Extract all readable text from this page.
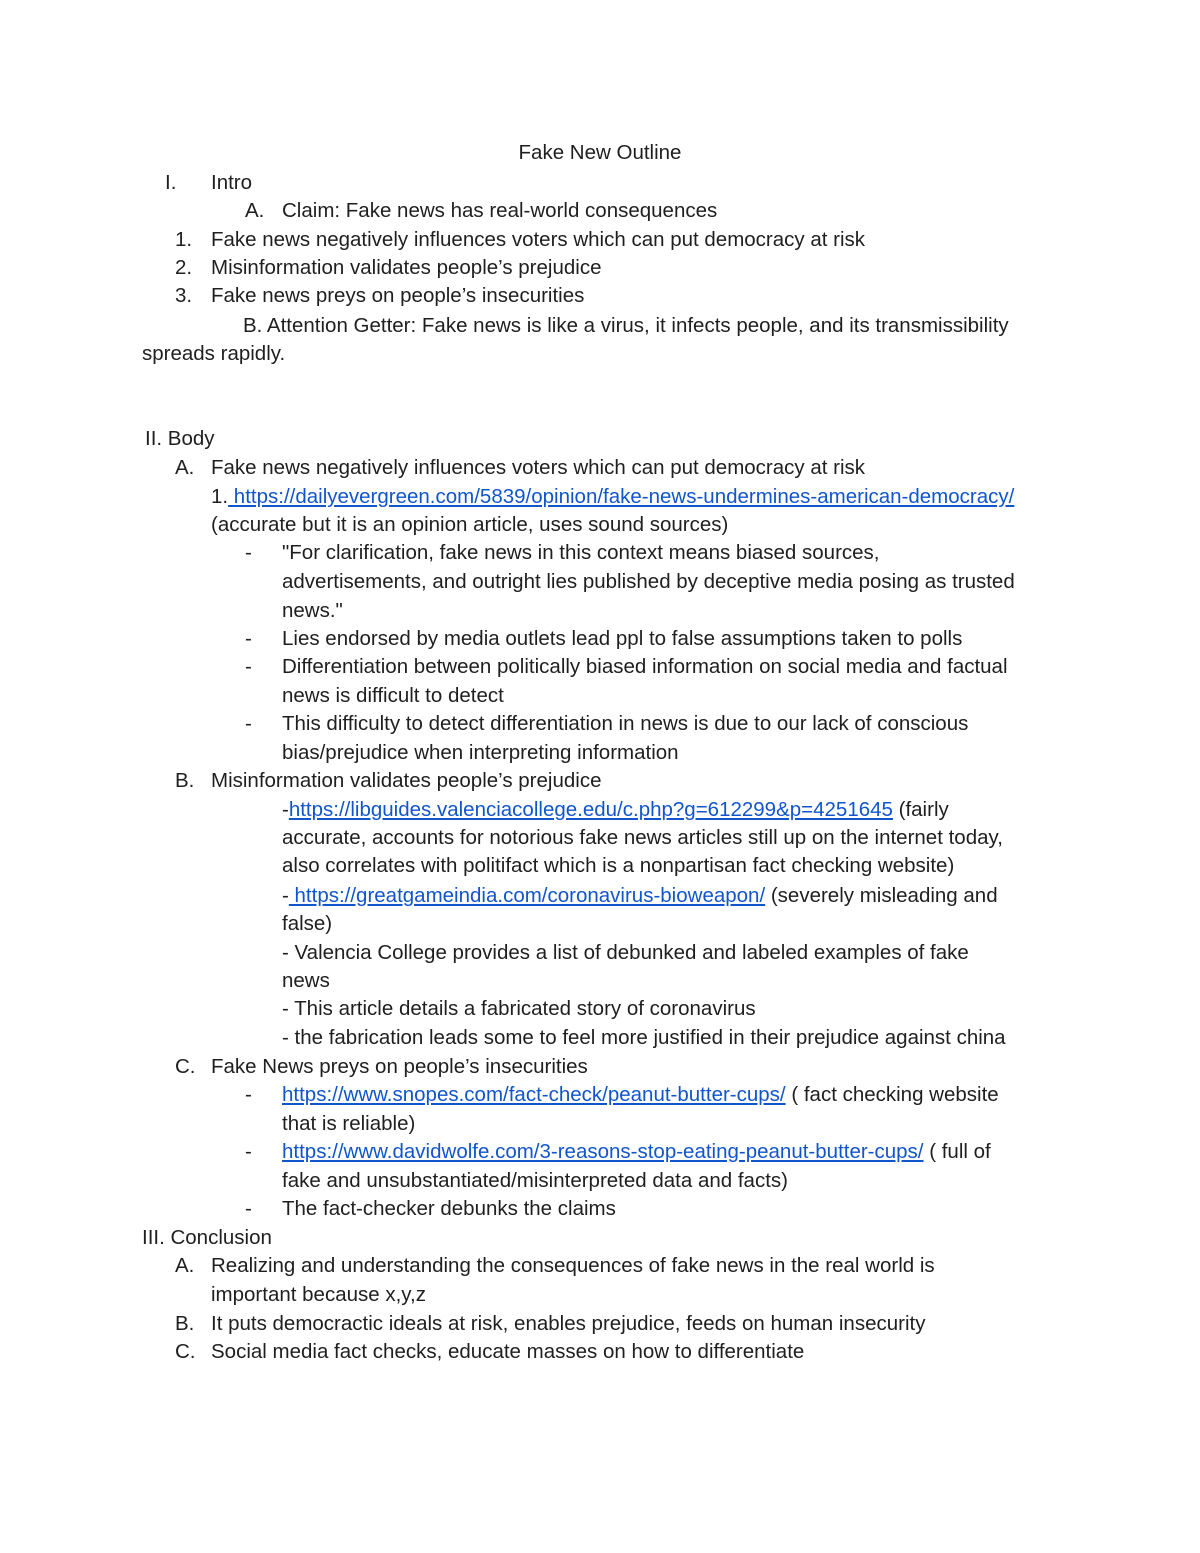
Fake New Outline
I. Intro
A. Claim: Fake news has real-world consequences
1. Fake news negatively influences voters which can put democracy at risk
2. Misinformation validates people’s prejudice
3. Fake news preys on people’s insecurities
B. Attention Getter: Fake news is like a virus, it infects people, and its transmissibility
spreads rapidly.
II. Body
A. Fake news negatively influences voters which can put democracy at risk
1. https://dailyevergreen.com/5839/opinion/fake-news-undermines-american-democracy/
(accurate but it is an opinion article, uses sound sources)
- "For clarification, fake news in this context means biased sources,
advertisements, and outright lies published by deceptive media posing as trusted
news."
- Lies endorsed by media outlets lead ppl to false assumptions taken to polls
- Differentiation between politically biased information on social media and factual
news is difficult to detect
- This difficulty to detect differentiation in news is due to our lack of conscious
bias/prejudice when interpreting information
B. Misinformation validates people’s prejudice
-https://libguides.valenciacollege.edu/c.php?g=612299&p=4251645 (fairly
accurate, accounts for notorious fake news articles still up on the internet today,
also correlates with politifact which is a nonpartisan fact checking website)
- https://greatgameindia.com/coronavirus-bioweapon/ (severely misleading and
false)
- Valencia College provides a list of debunked and labeled examples of fake
news
- This article details a fabricated story of coronavirus
- the fabrication leads some to feel more justified in their prejudice against china
C. Fake News preys on people’s insecurities
- https://www.snopes.com/fact-check/peanut-butter-cups/ ( fact checking website
that is reliable)
- https://www.davidwolfe.com/3-reasons-stop-eating-peanut-butter-cups/ ( full of
fake and unsubstantiated/misinterpreted data and facts)
- The fact-checker debunks the claims
III. Conclusion
A. Realizing and understanding the consequences of fake news in the real world is
important because x,y,z
B. It puts democractic ideals at risk, enables prejudice, feeds on human insecurity
C. Social media fact checks, educate masses on how to differentiate
